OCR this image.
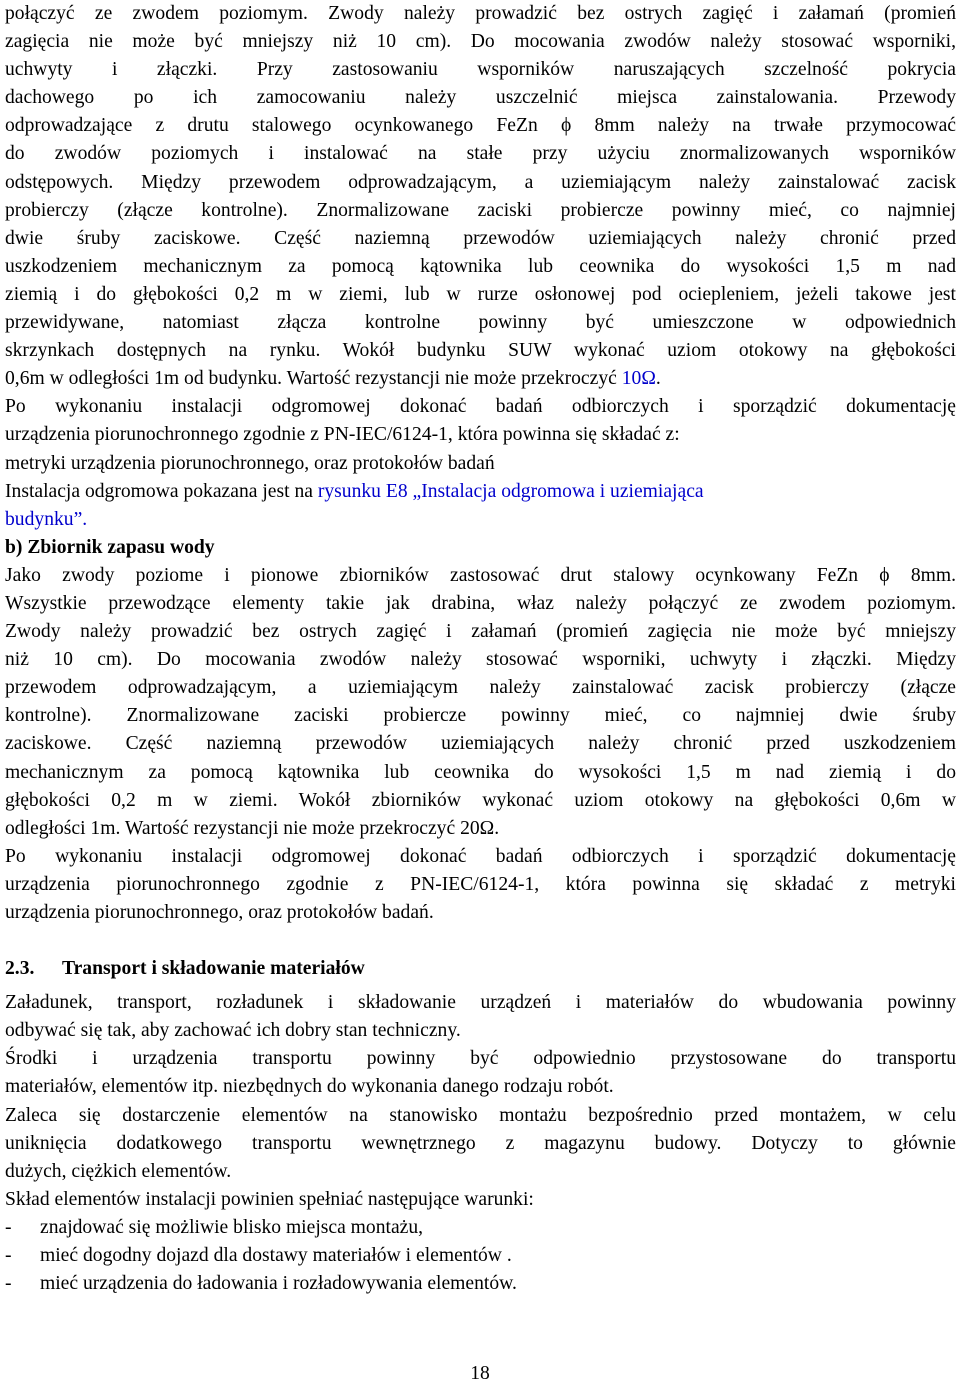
połączyć ze zwodem poziomym. Zwody należy prowadzić bez ostrych zagięć i załamań (promień
zagięcia nie może być mniejszy niż 10 cm). Do mocowania zwodów należy stosować wsporniki,
uchwyty i złączki. Przy zastosowaniu wsporników naruszających szczelność pokrycia
dachowego po ich zamocowaniu należy uszczelnić miejsca zainstalowania. Przewody
odprowadzające z drutu stalowego ocynkowanego FeZn ϕ 8mm należy na trwałe przymocować
do zwodów poziomych i instalować na stałe przy użyciu znormalizowanych wsporników
odstępowych. Między przewodem odprowadzającym, a uziemiającym należy zainstalować zacisk
probierczy (złącze kontrolne). Znormalizowane zaciski probiercze powinny mieć, co najmniej
dwie śruby zaciskowe. Część naziemną przewodów uziemiających należy chronić przed
uszkodzeniem mechanicznym za pomocą kątownika lub ceownika do wysokości 1,5 m nad
ziemią i do głębokości 0,2 m w ziemi, lub w rurze osłonowej pod ociepleniem, jeżeli takowe jest
przewidywane, natomiast złącza kontrolne powinny być umieszczone w odpowiednich
skrzynkach dostępnych na rynku. Wokół budynku SUW wykonać uziom otokowy na głębokości
0,6m w odległości 1m od budynku. Wartość rezystancji nie może przekroczyć 10Ω.
Po wykonaniu instalacji odgromowej dokonać badań odbiorczych i sporządzić dokumentację
urządzenia piorunochronnego zgodnie z PN-IEC/6124-1, która powinna się składać z:
metryki urządzenia piorunochronnego, oraz protokołów badań
Instalacja odgromowa pokazana jest na rysunku E8 „Instalacja odgromowa i uziemiająca
budynku”.
b) Zbiornik zapasu wody
Jako zwody poziome i pionowe zbiorników zastosować drut stalowy ocynkowany FeZn ϕ 8mm.
Wszystkie przewodzące elementy takie jak drabina, właz należy połączyć ze zwodem poziomym.
Zwody należy prowadzić bez ostrych zagięć i załamań (promień zagięcia nie może być mniejszy
niż 10 cm). Do mocowania zwodów należy stosować wsporniki, uchwyty i złączki. Między
przewodem odprowadzającym, a uziemiającym należy zainstalować zacisk probierczy (złącze
kontrolne). Znormalizowane zaciski probiercze powinny mieć, co najmniej dwie śruby
zaciskowe. Część naziemną przewodów uziemiających należy chronić przed uszkodzeniem
mechanicznym za pomocą kątownika lub ceownika do wysokości 1,5 m nad ziemią i do
głębokości 0,2 m w ziemi. Wokół zbiorników wykonać uziom otokowy na głębokości 0,6m w
odległości 1m. Wartość rezystancji nie może przekroczyć 20Ω.
Po wykonaniu instalacji odgromowej dokonać badań odbiorczych i sporządzić dokumentację
urządzenia piorunochronnego zgodnie z PN-IEC/6124-1, która powinna się składać z metryki
urządzenia piorunochronnego, oraz protokołów badań.
2.3. Transport i składowanie materiałów
Załadunek, transport, rozładunek i składowanie urządzeń i materiałów do wbudowania powinny
odbywać się tak, aby zachować ich dobry stan techniczny.
Środki i urządzenia transportu powinny być odpowiednio przystosowane do transportu
materiałów, elementów itp. niezbędnych do wykonania danego rodzaju robót.
Zaleca się dostarczenie elementów na stanowisko montażu bezpośrednio przed montażem, w celu
uniknięcia dodatkowego transportu wewnętrznego z magazynu budowy. Dotyczy to głównie
dużych, ciężkich elementów.
Skład elementów instalacji powinien spełniać następujące warunki:
- znajdować się możliwie blisko miejsca montażu,
- mieć dogodny dojazd dla dostawy materiałów i elementów .
- mieć urządzenia do ładowania i rozładowywania elementów.
18
